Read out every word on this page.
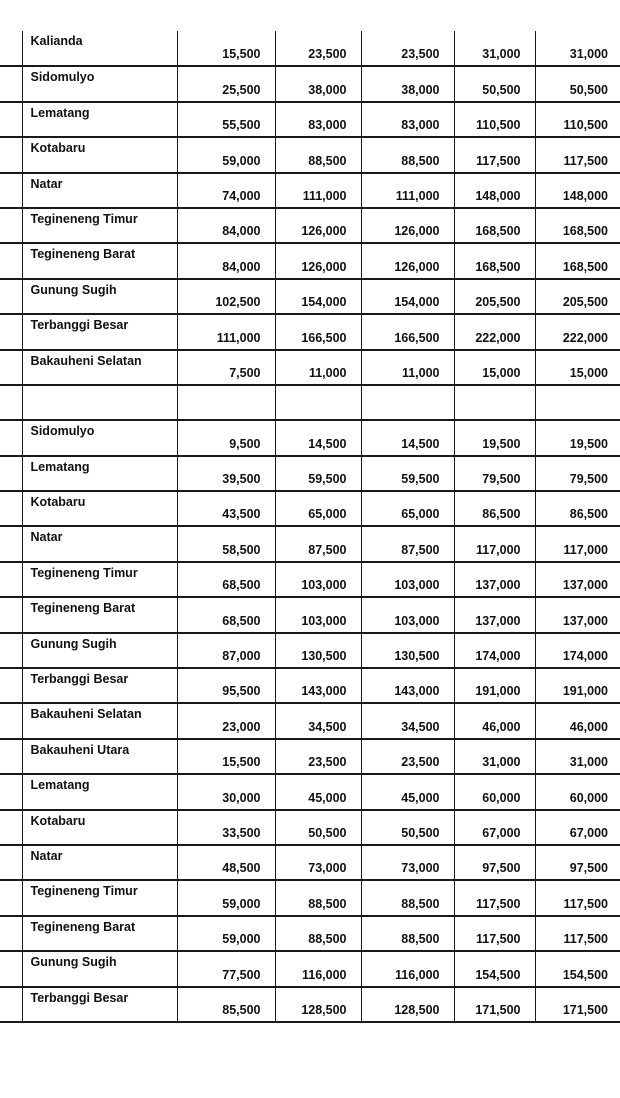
	Kalianda	15,500	23,500	23,500	31,000	31,000
	Sidomulyo	25,500	38,000	38,000	50,500	50,500
	Lematang	55,500	83,000	83,000	110,500	110,500
	Kotabaru	59,000	88,500	88,500	117,500	117,500
	Natar	74,000	111,000	111,000	148,000	148,000
	Tegineneng Timur	84,000	126,000	126,000	168,500	168,500
	Tegineneng Barat	84,000	126,000	126,000	168,500	168,500
	Gunung Sugih	102,500	154,000	154,000	205,500	205,500
	Terbanggi Besar	111,000	166,500	166,500	222,000	222,000
	Bakauheni Selatan	7,500	11,000	11,000	15,000	15,000

	Sidomulyo	9,500	14,500	14,500	19,500	19,500
	Lematang	39,500	59,500	59,500	79,500	79,500
	Kotabaru	43,500	65,000	65,000	86,500	86,500
	Natar	58,500	87,500	87,500	117,000	117,000
	Tegineneng Timur	68,500	103,000	103,000	137,000	137,000
	Tegineneng Barat	68,500	103,000	103,000	137,000	137,000
	Gunung Sugih	87,000	130,500	130,500	174,000	174,000
	Terbanggi Besar	95,500	143,000	143,000	191,000	191,000
	Bakauheni Selatan	23,000	34,500	34,500	46,000	46,000
	Bakauheni Utara	15,500	23,500	23,500	31,000	31,000
	Lematang	30,000	45,000	45,000	60,000	60,000
	Kotabaru	33,500	50,500	50,500	67,000	67,000
	Natar	48,500	73,000	73,000	97,500	97,500
	Tegineneng Timur	59,000	88,500	88,500	117,500	117,500
	Tegineneng Barat	59,000	88,500	88,500	117,500	117,500
	Gunung Sugih	77,500	116,000	116,000	154,500	154,500
	Terbanggi Besar	85,500	128,500	128,500	171,500	171,500
